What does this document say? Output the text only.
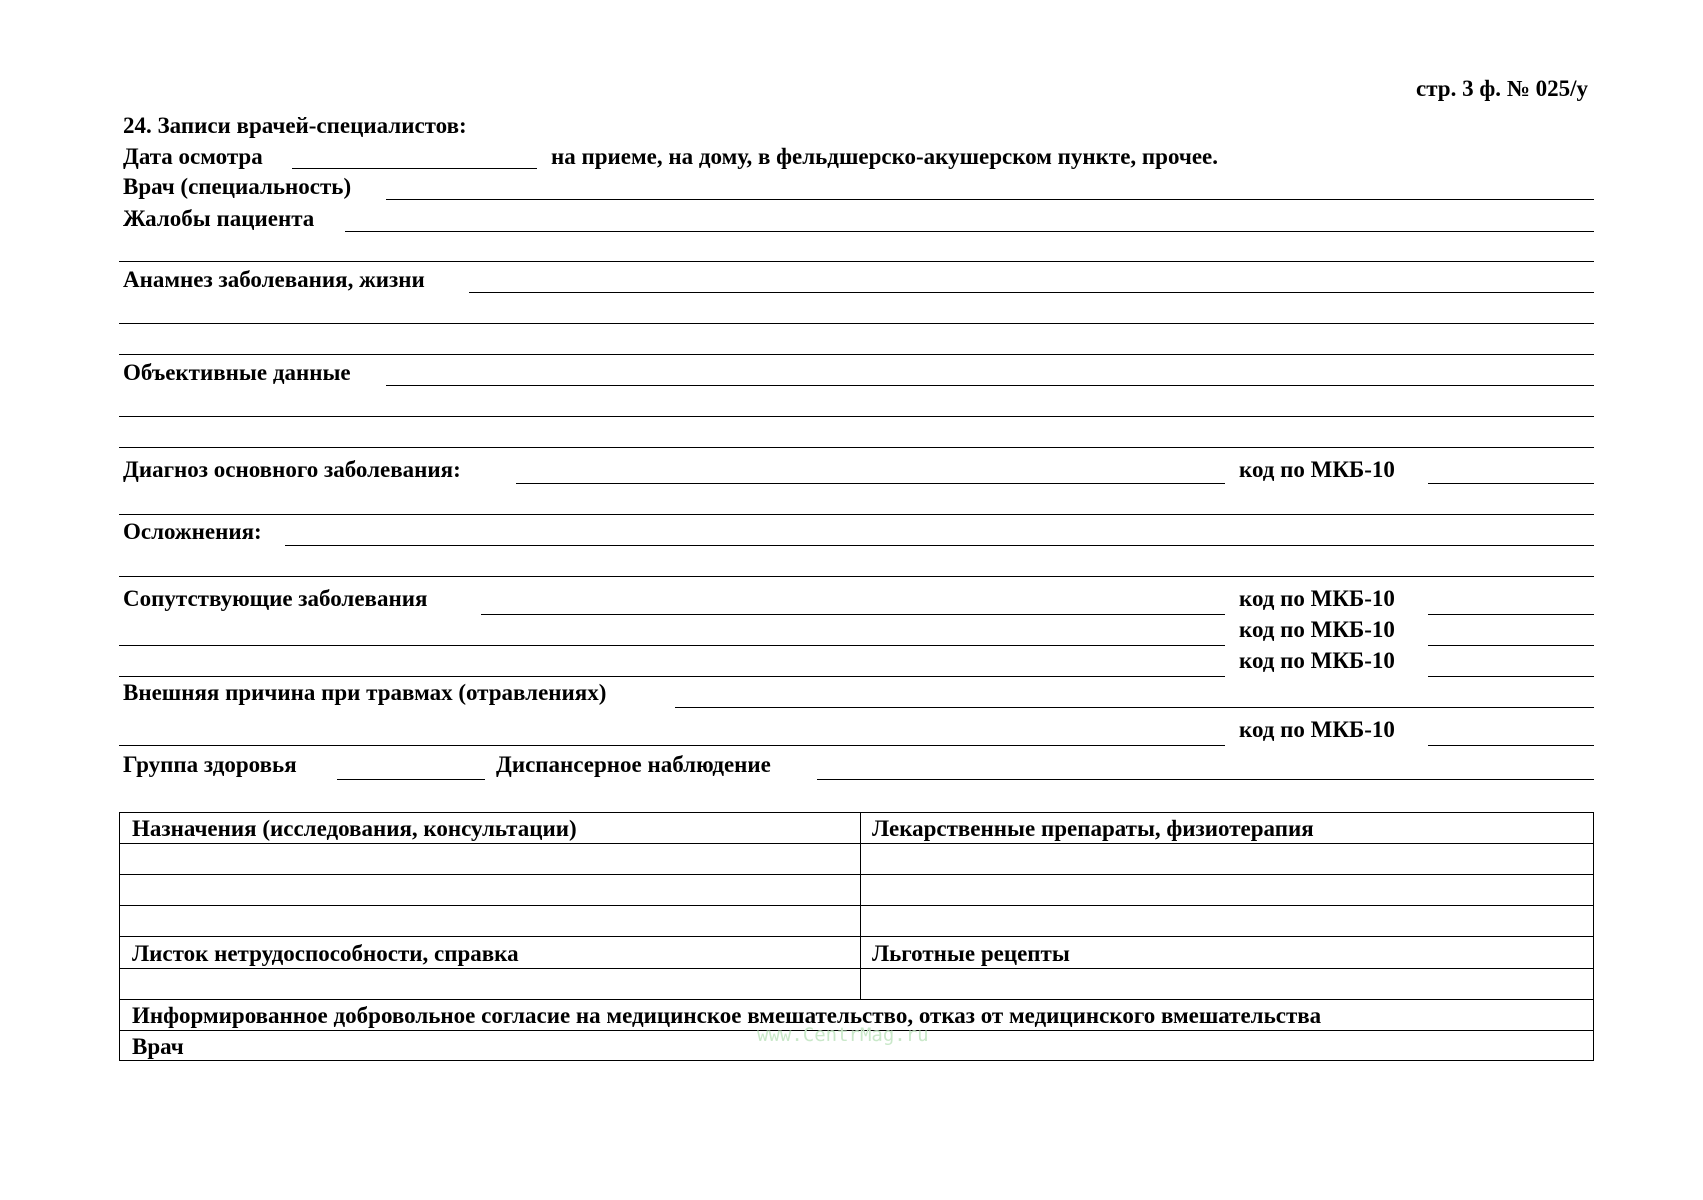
стр. 3 ф. № 025/у
24. Записи врачей-специалистов:
Дата осмотра	на приеме, на дому, в фельдшерско-акушерском пункте, прочее.
Врач (специальность)
Жалобы пациента
Анамнез заболевания, жизни
Объективные данные
Диагноз основного заболевания:	код по МКБ-10
Осложнения:
Сопутствующие заболевания	код по МКБ-10
код по МКБ-10
код по МКБ-10
Внешняя причина при травмах (отравлениях)
код по МКБ-10
Группа здоровья	Диспансерное наблюдение
Назначения (исследования, консультации)	Лекарственные препараты, физиотерапия
Листок нетрудоспособности, справка	Льготные рецепты
Информированное добровольное согласие на медицинское вмешательство, отказ от медицинского вмешательства
Врач	www.CentrMag.ru
